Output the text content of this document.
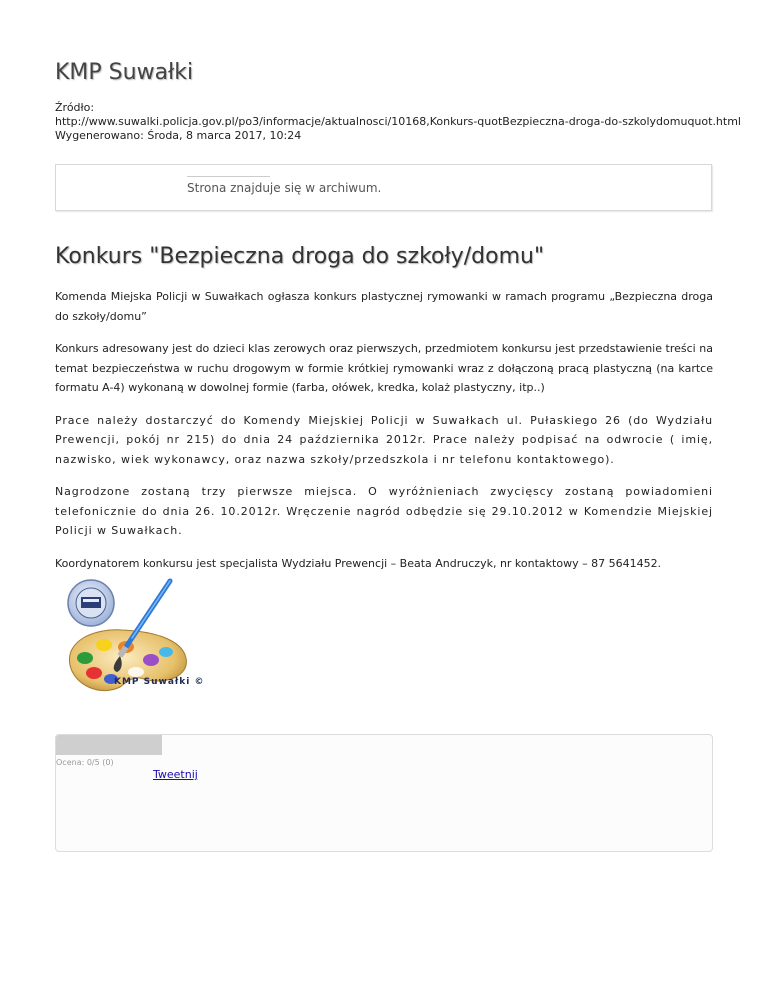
KMP Suwałki
Źródło:
http://www.suwalki.policja.gov.pl/po3/informacje/aktualnosci/10168,Konkurs-quotBezpieczna-droga-do-szkolydomuquot.html
Wygenerowano: Środa, 8 marca 2017, 10:24
Strona znajduje się w archiwum.
Konkurs "Bezpieczna droga do szkoły/domu"

Komenda Miejska Policji w Suwałkach ogłasza konkurs plastycznej rymowanki w ramach programu „Bezpieczna droga do szkoły/domu”

Konkurs adresowany jest do dzieci klas zerowych oraz pierwszych, przedmiotem konkursu jest przedstawienie treści na temat bezpieczeństwa w ruchu drogowym w formie krótkiej rymowanki wraz z dołączoną pracą plastyczną (na kartce formatu A-4) wykonaną w dowolnej formie (farba, ołówek, kredka, kolaż plastyczny, itp..)

Prace należy dostarczyć do Komendy Miejskiej Policji w Suwałkach ul. Pułaskiego 26 (do Wydziału Prewencji, pokój nr 215) do dnia 24 października 2012r. Prace należy podpisać na odwrocie ( imię, nazwisko, wiek wykonawcy, oraz nazwa szkoły/przedszkola i nr telefonu kontaktowego).

Nagrodzone zostaną trzy pierwsze miejsca. O wyróżnieniach zwycięscy zostaną powiadomieni telefonicznie do dnia 26. 10.2012r. Wręczenie nagród odbędzie się 29.10.2012 w Komendzie Miejskiej Policji w Suwałkach.

Koordynatorem konkursu jest specjalista Wydziału Prewencji – Beata Andruczyk, nr kontaktowy – 87 5641452.

KMP Suwałki ©
Ocena: 0/5 (0)
Tweetnij
